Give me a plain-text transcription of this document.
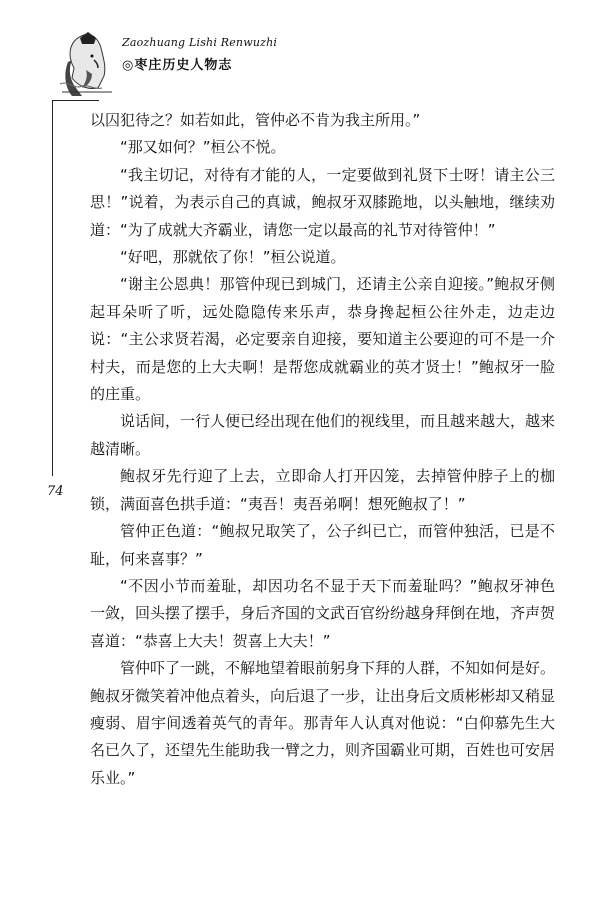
Zaozhuang Lishi Renwuzhi
◎枣庄历史人物志
74

以囚犯待之？如若如此，管仲必不肯为我主所用。”

“那又如何？”桓公不悦。

“我主切记，对待有才能的人，一定要做到礼贤下士呀！请主公三思！”说着，为表示自己的真诚，鲍叔牙双膝跪地，以头触地，继续劝道：“为了成就大齐霸业，请您一定以最高的礼节对待管仲！”

“好吧，那就依了你！”桓公说道。

“谢主公恩典！那管仲现已到城门，还请主公亲自迎接。”鲍叔牙侧起耳朵听了听，远处隐隐传来乐声，恭身搀起桓公往外走，边走边说：“主公求贤若渴，必定要亲自迎接，要知道主公要迎的可不是一介村夫，而是您的上大夫啊！是帮您成就霸业的英才贤士！”鲍叔牙一脸的庄重。

说话间，一行人便已经出现在他们的视线里，而且越来越大，越来越清晰。

鲍叔牙先行迎了上去，立即命人打开囚笼，去掉管仲脖子上的枷锁，满面喜色拱手道：“夷吾！夷吾弟啊！想死鲍叔了！”

管仲正色道：“鲍叔兄取笑了，公子纠已亡，而管仲独活，已是不耻，何来喜事？”

“不因小节而羞耻，却因功名不显于天下而羞耻吗？”鲍叔牙神色一敛，回头摆了摆手，身后齐国的文武百官纷纷越身拜倒在地，齐声贺喜道：“恭喜上大夫！贺喜上大夫！”

管仲吓了一跳，不解地望着眼前躬身下拜的人群，不知如何是好。鲍叔牙微笑着冲他点着头，向后退了一步，让出身后文质彬彬却又稍显瘦弱、眉宇间透着英气的青年。那青年人认真对他说：“白仰慕先生大名已久了，还望先生能助我一臂之力，则齐国霸业可期，百姓也可安居乐业。”
